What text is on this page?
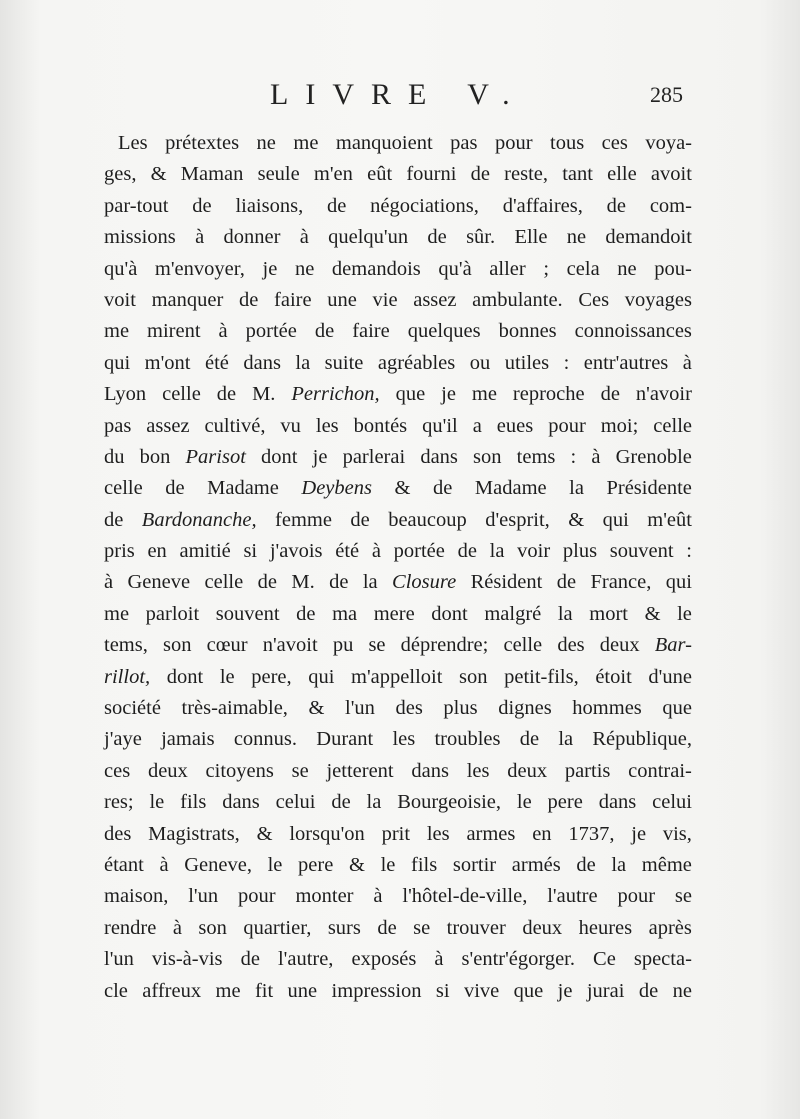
LIVRE V.	285
Les prétextes ne me manquoient pas pour tous ces voya-
ges, & Maman seule m'en eût fourni de reste, tant elle avoit
par-tout de liaisons, de négociations, d'affaires, de com-
missions à donner à quelqu'un de sûr. Elle ne demandoit
qu'à m'envoyer, je ne demandois qu'à aller ; cela ne pou-
voit manquer de faire une vie assez ambulante. Ces voyages
me mirent à portée de faire quelques bonnes connoissances
qui m'ont été dans la suite agréables ou utiles : entr'autres à
Lyon celle de M. Perrichon, que je me reproche de n'avoir
pas assez cultivé, vu les bontés qu'il a eues pour moi; celle
du bon Parisot dont je parlerai dans son tems : à Grenoble
celle de Madame Deybens & de Madame la Présidente
de Bardonanche, femme de beaucoup d'esprit, & qui m'eût
pris en amitié si j'avois été à portée de la voir plus souvent :
à Geneve celle de M. de la Closure Résident de France, qui
me parloit souvent de ma mere dont malgré la mort & le
tems, son cœur n'avoit pu se déprendre; celle des deux Bar-
rillot, dont le pere, qui m'appelloit son petit-fils, étoit d'une
société très-aimable, & l'un des plus dignes hommes que
j'aye jamais connus. Durant les troubles de la République,
ces deux citoyens se jetterent dans les deux partis contrai-
res; le fils dans celui de la Bourgeoisie, le pere dans celui
des Magistrats, & lorsqu'on prit les armes en 1737, je vis,
étant à Geneve, le pere & le fils sortir armés de la même
maison, l'un pour monter à l'hôtel-de-ville, l'autre pour se
rendre à son quartier, surs de se trouver deux heures après
l'un vis-à-vis de l'autre, exposés à s'entr'égorger. Ce specta-
cle affreux me fit une impression si vive que je jurai de ne
